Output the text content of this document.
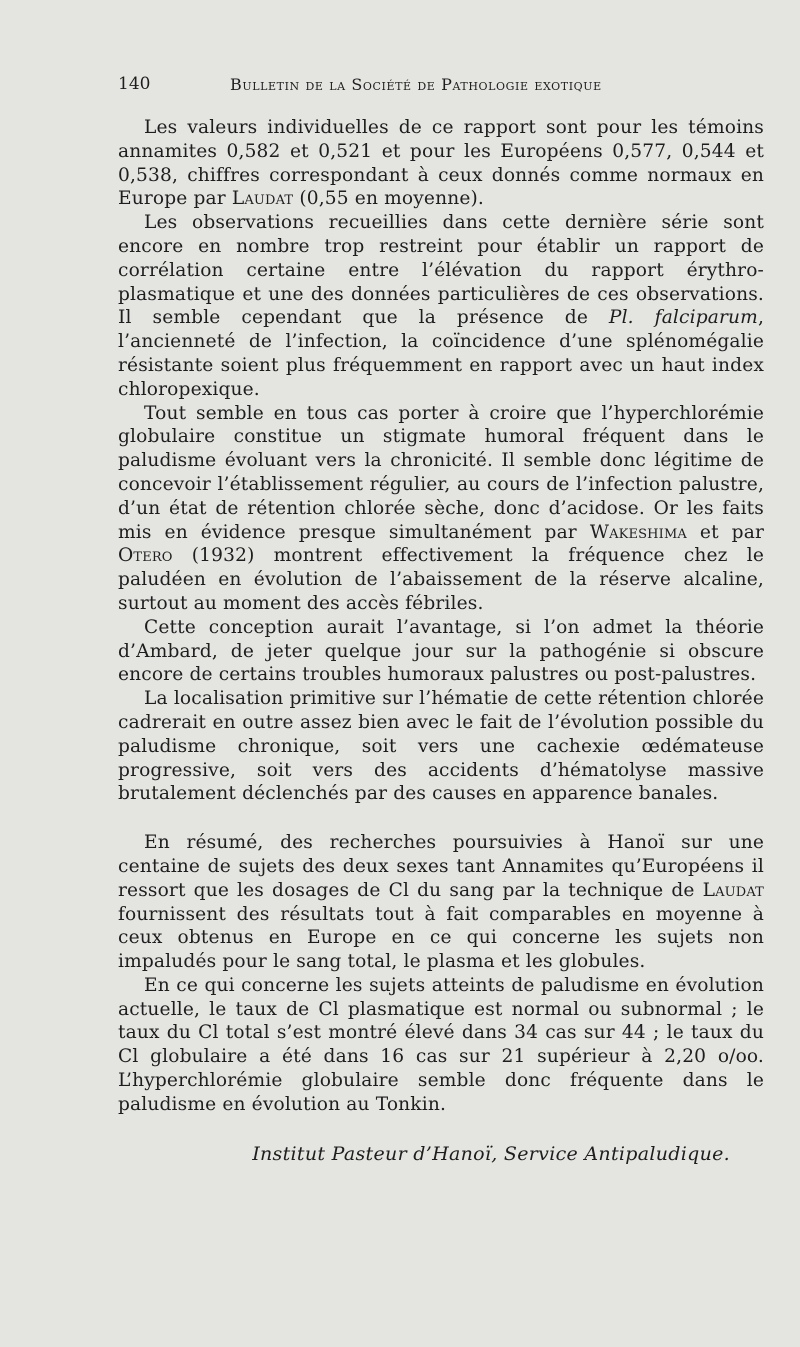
140	Bulletin de la Société de Pathologie exotique

Les valeurs individuelles de ce rapport sont pour les témoins annamites 0,582 et 0,521 et pour les Européens 0,577, 0,544 et 0,538, chiffres correspondant à ceux donnés comme normaux en Europe par Laudat (0,55 en moyenne).

Les observations recueillies dans cette dernière série sont encore en nombre trop restreint pour établir un rapport de corrélation certaine entre l’élévation du rapport érythro-plasmatique et une des données particulières de ces observations. Il semble cependant que la présence de Pl. falciparum, l’ancienneté de l’infection, la coïncidence d’une splénomégalie résistante soient plus fréquemment en rapport avec un haut index chloropexique.

Tout semble en tous cas porter à croire que l’hyperchlorémie globulaire constitue un stigmate humoral fréquent dans le paludisme évoluant vers la chronicité. Il semble donc légitime de concevoir l’établissement régulier, au cours de l’infection palustre, d’un état de rétention chlorée sèche, donc d’acidose. Or les faits mis en évidence presque simultanément par Wakeshima et par Otero (1932) montrent effectivement la fréquence chez le paludéen en évolution de l’abaissement de la réserve alcaline, surtout au moment des accès fébriles.

Cette conception aurait l’avantage, si l’on admet la théorie d’Ambard, de jeter quelque jour sur la pathogénie si obscure encore de certains troubles humoraux palustres ou post-palustres.

La localisation primitive sur l’hématie de cette rétention chlorée cadrerait en outre assez bien avec le fait de l’évolution possible du paludisme chronique, soit vers une cachexie œdémateuse progressive, soit vers des accidents d’hématolyse massive brutalement déclenchés par des causes en apparence banales.

En résumé, des recherches poursuivies à Hanoï sur une centaine de sujets des deux sexes tant Annamites qu’Européens il ressort que les dosages de Cl du sang par la technique de Laudat fournissent des résultats tout à fait comparables en moyenne à ceux obtenus en Europe en ce qui concerne les sujets non impaludés pour le sang total, le plasma et les globules.

En ce qui concerne les sujets atteints de paludisme en évolution actuelle, le taux de Cl plasmatique est normal ou subnormal ; le taux du Cl total s’est montré élevé dans 34 cas sur 44 ; le taux du Cl globulaire a été dans 16 cas sur 21 supérieur à 2,20 o/oo. L’hyperchlorémie globulaire semble donc fréquente dans le paludisme en évolution au Tonkin.

Institut Pasteur d’Hanoï, Service Antipaludique.
